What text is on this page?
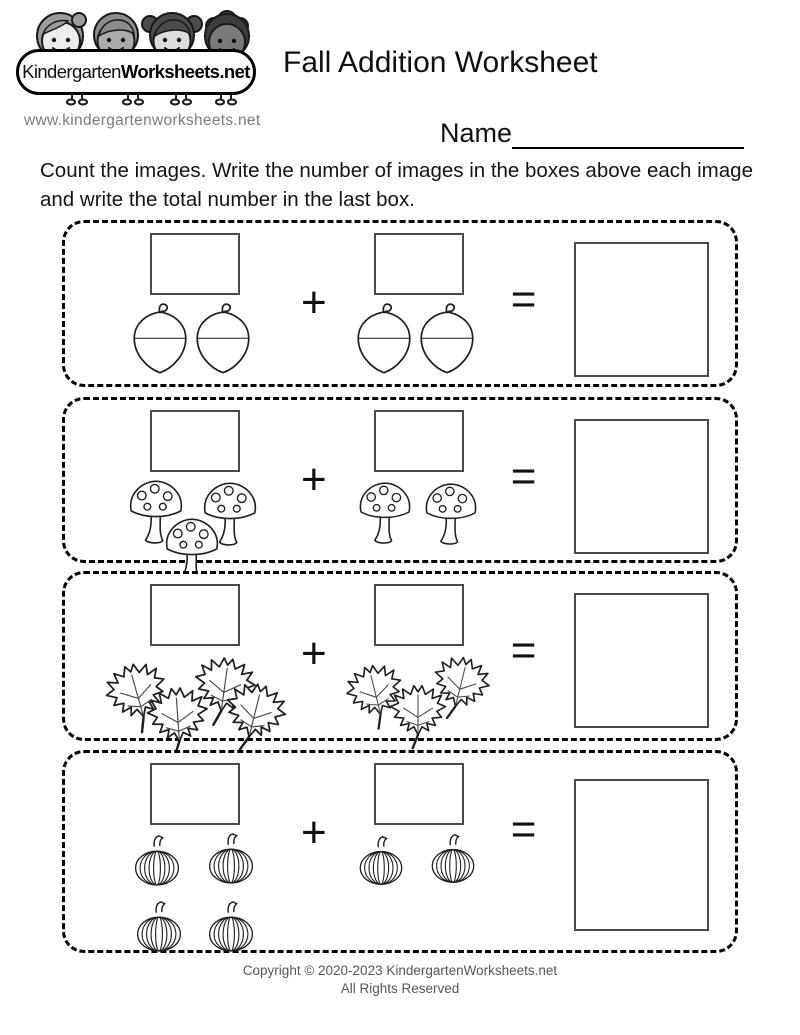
Kindergarten Worksheets.net
www.kindergartenworksheets.net
Fall Addition Worksheet
Name
Count the images. Write the number of images in the boxes above each image and write the total number in the last box.
+	=
+	=
+	=
+	=
Copyright © 2020-2023 KindergartenWorksheets.net
All Rights Reserved
